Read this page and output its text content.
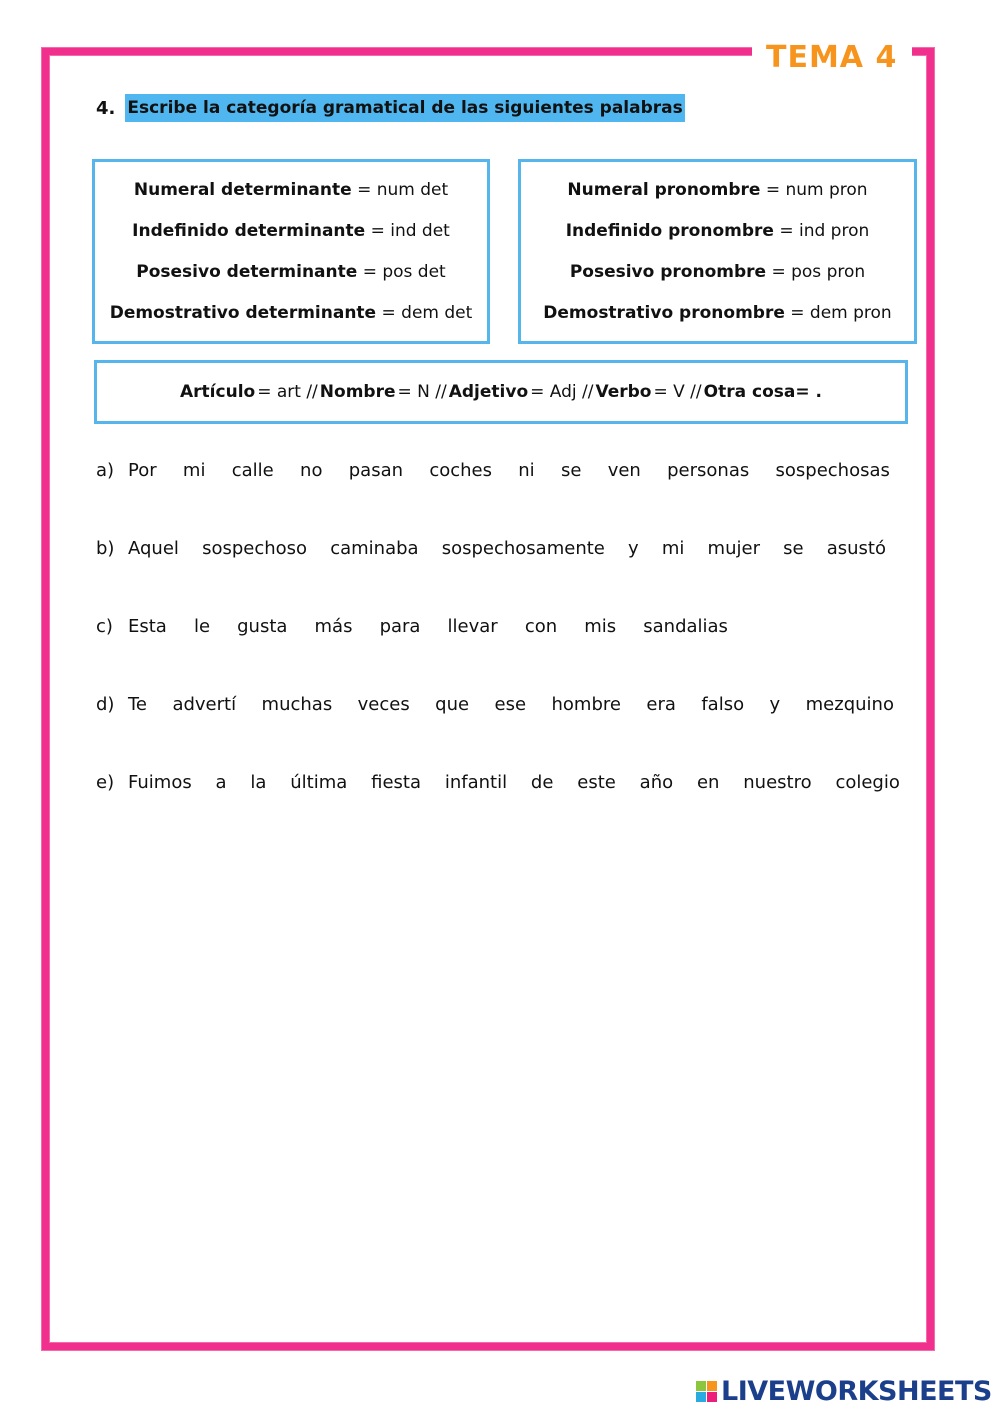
TEMA 4
4. Escribe la categoría gramatical de las siguientes palabras
Numeral determinante = num det
Indefinido determinante = ind det
Posesivo determinante = pos det
Demostrativo determinante = dem det
Numeral pronombre = num pron
Indefinido pronombre = ind pron
Posesivo pronombre = pos pron
Demostrativo pronombre = dem pron
Artículo = art // Nombre = N // Adjetivo = Adj // Verbo = V // Otra cosa = .
a) Por mi calle no pasan coches ni se ven personas sospechosas
b) Aquel sospechoso caminaba sospechosamente y mi mujer se asustó
c) Esta le gusta más para llevar con mis sandalias
d) Te advertí muchas veces que ese hombre era falso y mezquino
e) Fuimos a la última fiesta infantil de este año en nuestro colegio
LIVEWORKSHEETS
